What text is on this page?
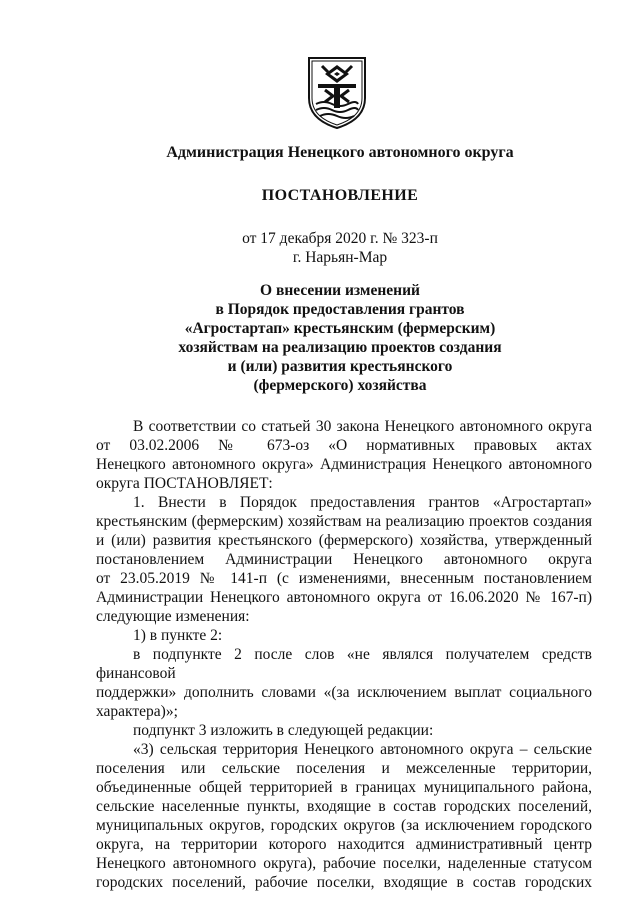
Администрация Ненецкого автономного округа
ПОСТАНОВЛЕНИЕ
от 17 декабря 2020 г. № 323-п
г. Нарьян-Мар
О внесении изменений
в Порядок предоставления грантов
«Агростартап» крестьянским (фермерским)
хозяйствам на реализацию проектов создания
и (или) развития крестьянского
(фермерского) хозяйства

В соответствии со статьей 30 закона Ненецкого автономного округа

от 03.02.2006 № 673-оз «О нормативных правовых актах

Ненецкого автономного округа» Администрация Ненецкого автономного

округа ПОСТАНОВЛЯЕТ:

1. Внести в Порядок предоставления грантов «Агростартап»

крестьянским (фермерским) хозяйствам на реализацию проектов создания

и (или) развития крестьянского (фермерского) хозяйства, утвержденный

постановлением Администрации Ненецкого автономного округа

от 23.05.2019 № 141-п (с изменениями, внесенным постановлением

Администрации Ненецкого автономного округа от 16.06.2020 № 167-п)

следующие изменения:

1) в пункте 2:

в подпункте 2 после слов «не являлся получателем средств финансовой

поддержки» дополнить словами «(за исключением выплат социального

характера)»;

подпункт 3 изложить в следующей редакции:

«3) сельская территория Ненецкого автономного округа – сельские

поселения или сельские поселения и межселенные территории,

объединенные общей территорией в границах муниципального района,

сельские населенные пункты, входящие в состав городских поселений,

муниципальных округов, городских округов (за исключением городского

округа, на территории которого находится административный центр

Ненецкого автономного округа), рабочие поселки, наделенные статусом

городских поселений, рабочие поселки, входящие в состав городских
